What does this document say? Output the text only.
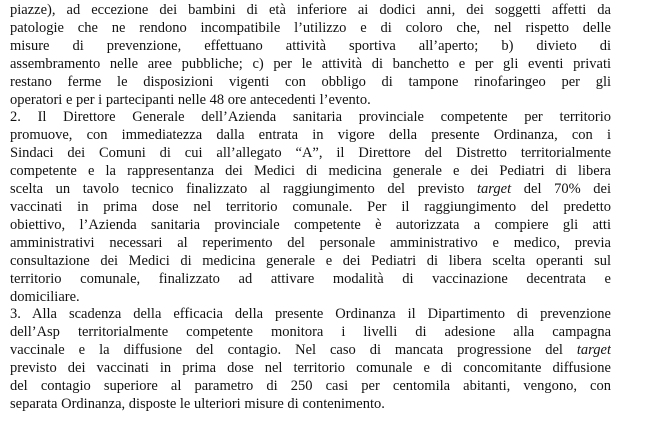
piazze), ad eccezione dei bambini di età inferiore ai dodici anni, dei soggetti affetti da
patologie che ne rendono incompatibile l’utilizzo e di coloro che, nel rispetto delle
misure di prevenzione, effettuano attività sportiva all’aperto; b) divieto di
assembramento nelle aree pubbliche; c) per le attività di banchetto e per gli eventi privati
restano ferme le disposizioni vigenti con obbligo di tampone rinofaringeo per gli
operatori e per i partecipanti nelle 48 ore antecedenti l’evento.
2. Il Direttore Generale dell’Azienda sanitaria provinciale competente per territorio
promuove, con immediatezza dalla entrata in vigore della presente Ordinanza, con i
Sindaci dei Comuni di cui all’allegato “A”, il Direttore del Distretto territorialmente
competente e la rappresentanza dei Medici di medicina generale e dei Pediatri di libera
scelta un tavolo tecnico finalizzato al raggiungimento del previsto target del 70% dei
vaccinati in prima dose nel territorio comunale. Per il raggiungimento del predetto
obiettivo, l’Azienda sanitaria provinciale competente è autorizzata a compiere gli atti
amministrativi necessari al reperimento del personale amministrativo e medico, previa
consultazione dei Medici di medicina generale e dei Pediatri di libera scelta operanti sul
territorio comunale, finalizzato ad attivare modalità di vaccinazione decentrata e
domiciliare.
3. Alla scadenza della efficacia della presente Ordinanza il Dipartimento di prevenzione
dell’Asp territorialmente competente monitora i livelli di adesione alla campagna
vaccinale e la diffusione del contagio. Nel caso di mancata progressione del target
previsto dei vaccinati in prima dose nel territorio comunale e di concomitante diffusione
del contagio superiore al parametro di 250 casi per centomila abitanti, vengono, con
separata Ordinanza, disposte le ulteriori misure di contenimento.
